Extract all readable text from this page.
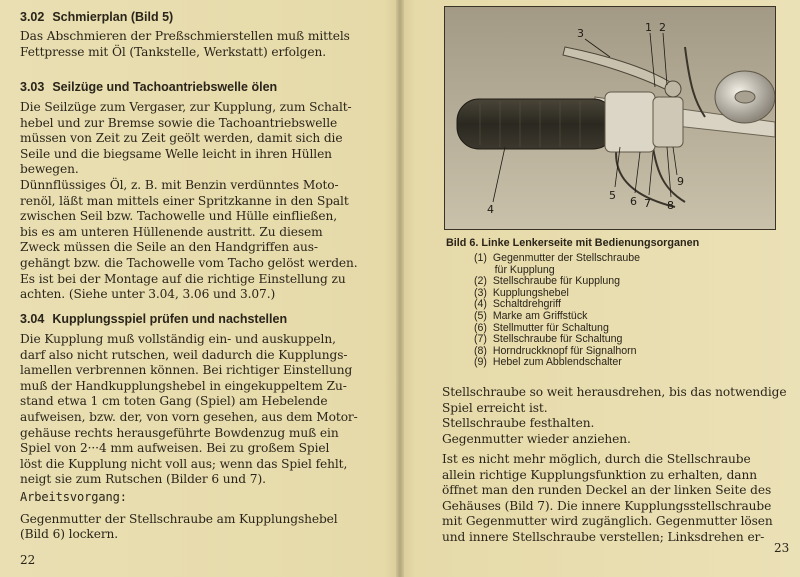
3.02 Schmierplan (Bild 5)

Das Abschmieren der Preßschmierstellen muß mittels
Fettpresse mit Öl (Tankstelle, Werkstatt) erfolgen.

3.03 Seilzüge und Tachoantriebswelle ölen

Die Seilzüge zum Vergaser, zur Kupplung, zum Schalt-
hebel und zur Bremse sowie die Tachoantriebswelle
müssen von Zeit zu Zeit geölt werden, damit sich die
Seile und die biegsame Welle leicht in ihren Hüllen
bewegen.
Dünnflüssiges Öl, z. B. mit Benzin verdünntes Moto-
renöl, läßt man mittels einer Spritzkanne in den Spalt
zwischen Seil bzw. Tachowelle und Hülle einfließen,
bis es am unteren Hüllenende austritt. Zu diesem
Zweck müssen die Seile an den Handgriffen aus-
gehängt bzw. die Tachowelle vom Tacho gelöst werden.
Es ist bei der Montage auf die richtige Einstellung zu
achten. (Siehe unter 3.04, 3.06 und 3.07.)

3.04 Kupplungsspiel prüfen und nachstellen

Die Kupplung muß vollständig ein- und auskuppeln,
darf also nicht rutschen, weil dadurch die Kupplungs-
lamellen verbrennen können. Bei richtiger Einstellung
muß der Handkupplungshebel in eingekuppeltem Zu-
stand etwa 1 cm toten Gang (Spiel) am Hebelende
aufweisen, bzw. der, von vorn gesehen, aus dem Motor-
gehäuse rechts herausgeführte Bowdenzug muß ein
Spiel von 2···4 mm aufweisen. Bei zu großem Spiel
löst die Kupplung nicht voll aus; wenn das Spiel fehlt,
neigt sie zum Rutschen (Bilder 6 und 7).

Arbeitsvorgang:

Gegenmutter der Stellschraube am Kupplungshebel
(Bild 6) lockern.

22
3	1 2
4
5 6 7 8
9
Bild 6. Linke Lenkerseite mit Bedienungsorganen
(1)  Gegenmutter der Stellschraube
für Kupplung
(2)  Stellschraube für Kupplung
(3)  Kupplungshebel
(4)  Schaltdrehgriff
(5)  Marke am Griffstück
(6)  Stellmutter für Schaltung
(7)  Stellschraube für Schaltung
(8)  Horndruckknopf für Signalhorn
(9)  Hebel zum Abblendschalter

Stellschraube so weit herausdrehen, bis das notwendige
Spiel erreicht ist.
Stellschraube festhalten.
Gegenmutter wieder anziehen.

Ist es nicht mehr möglich, durch die Stellschraube
allein richtige Kupplungsfunktion zu erhalten, dann
öffnet man den runden Deckel an der linken Seite des
Gehäuses (Bild 7). Die innere Kupplungsstellschraube
mit Gegenmutter wird zugänglich. Gegenmutter lösen
und innere Stellschraube verstellen; Linksdrehen er-

23
